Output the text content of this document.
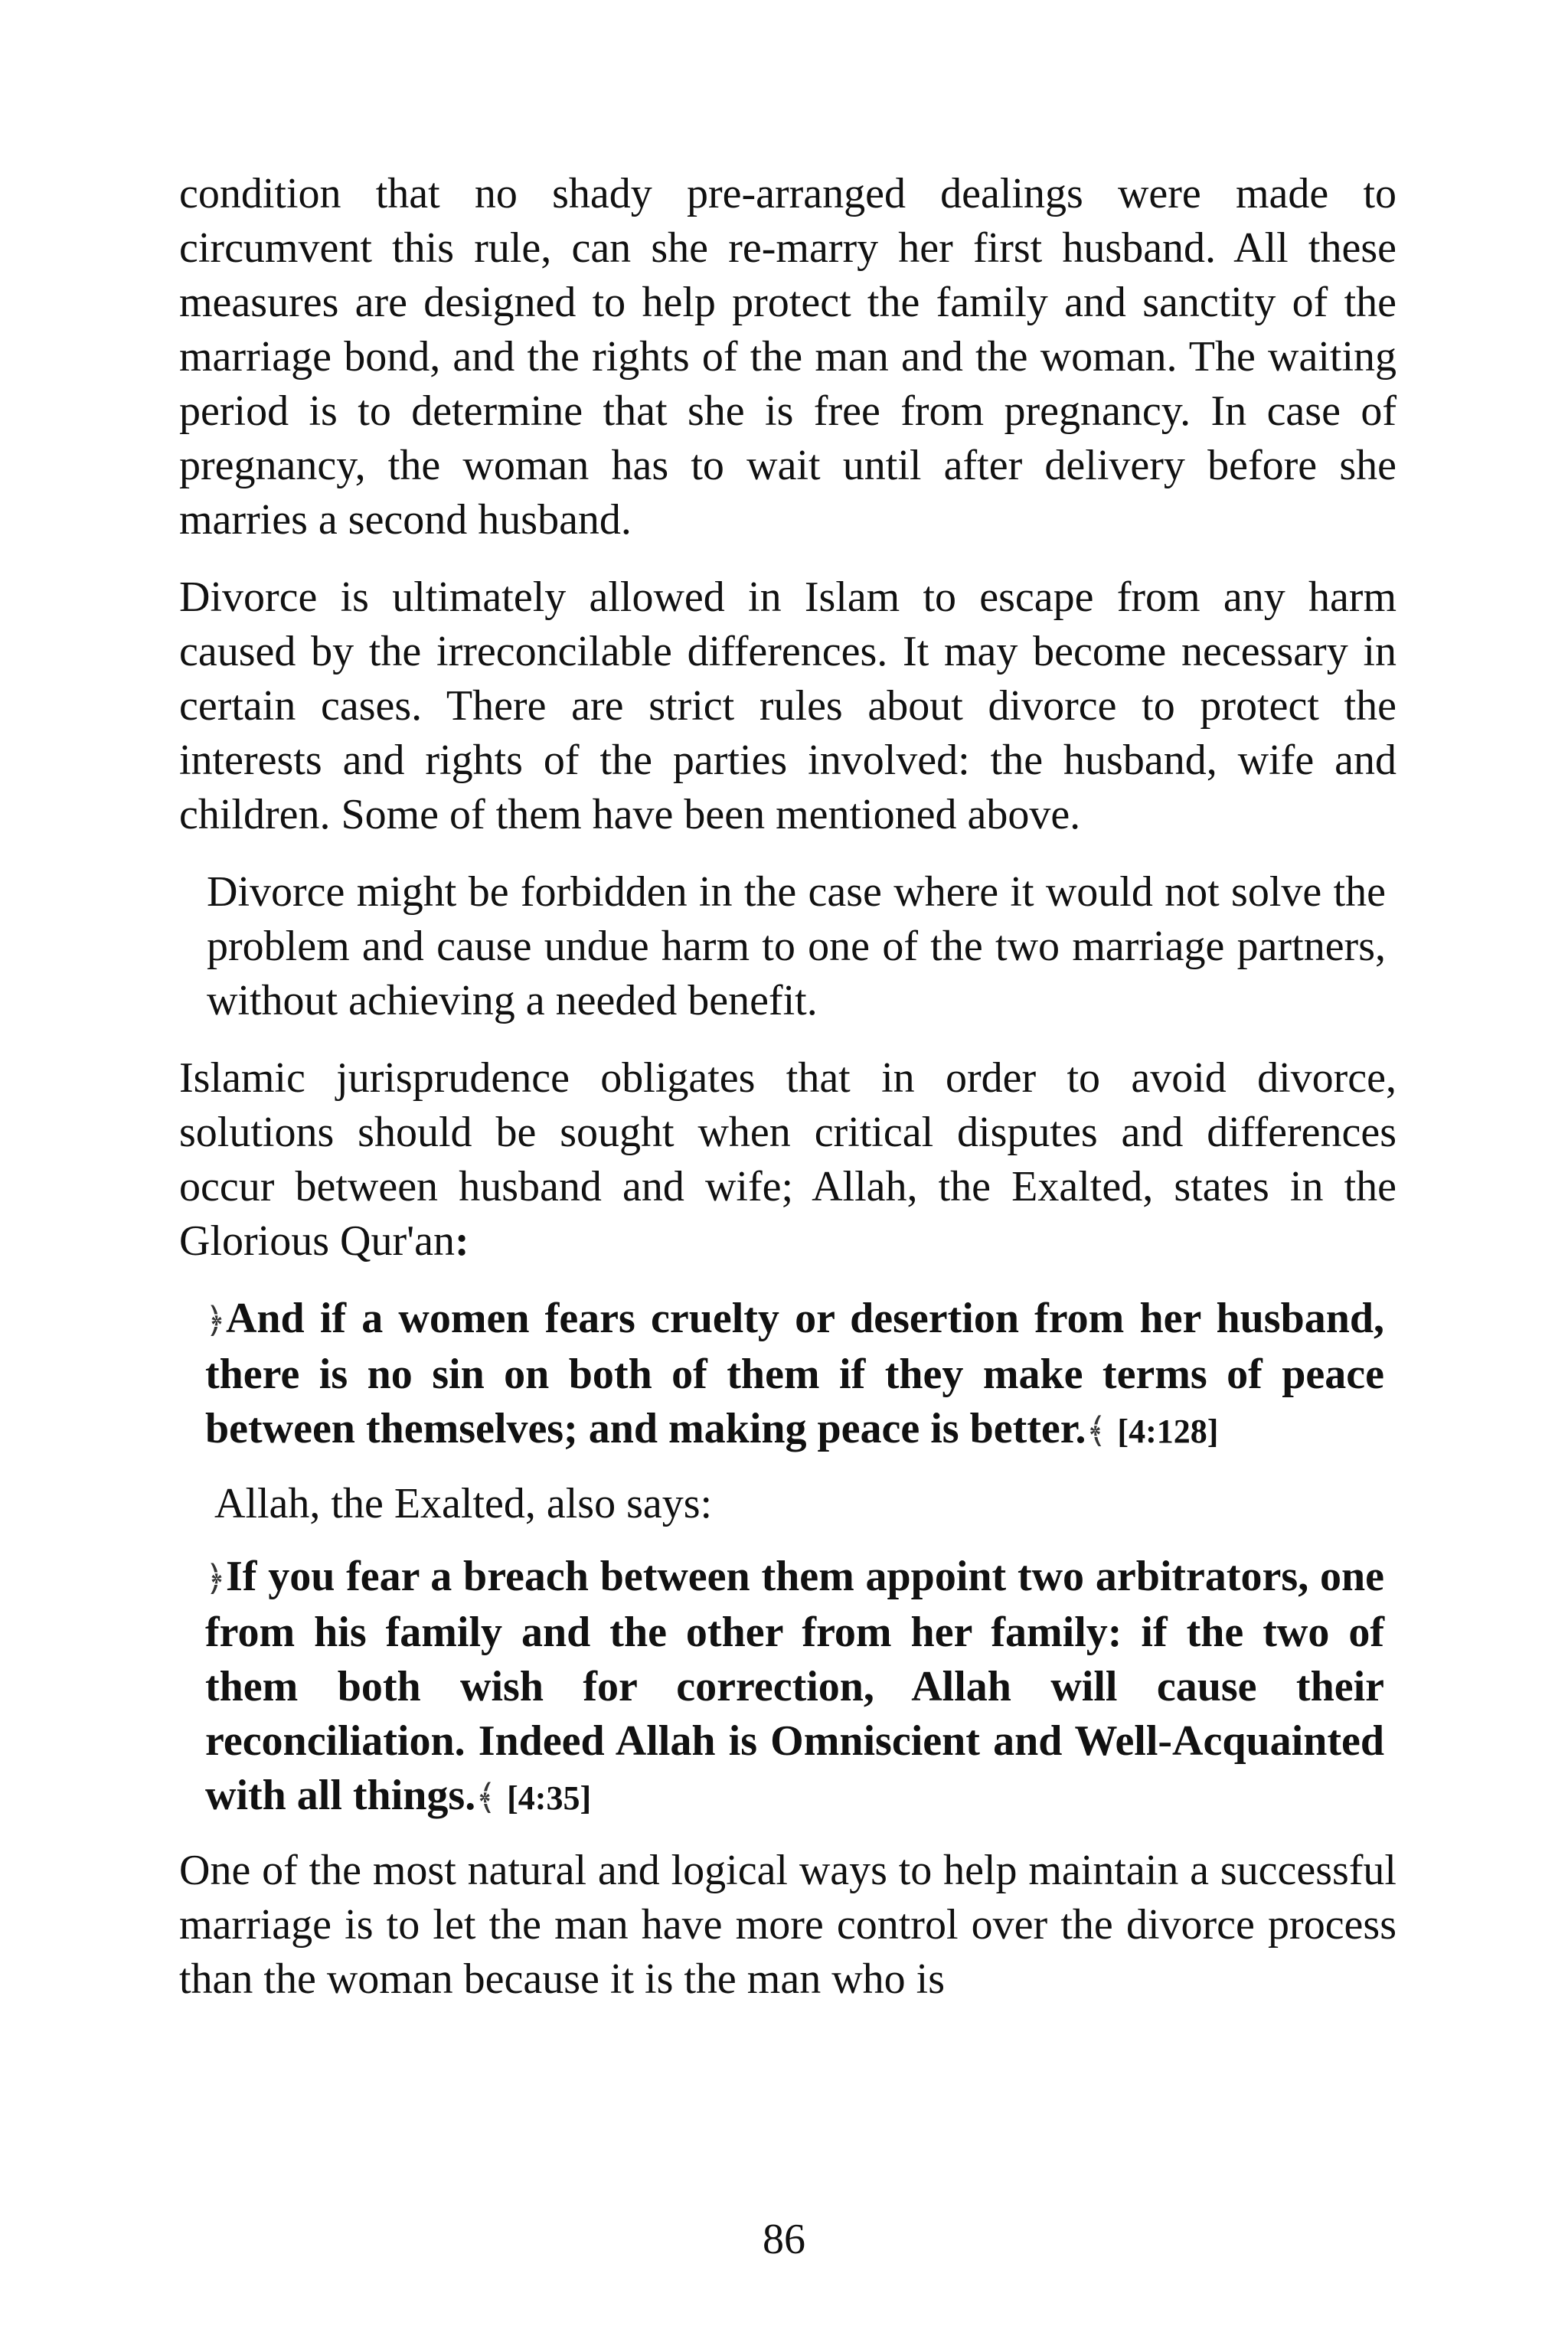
condition that no shady pre-arranged dealings were made to circumvent this rule, can she re-marry her first husband. All these measures are designed to help protect the family and sanctity of the marriage bond, and the rights of the man and the woman. The waiting period is to determine that she is free from pregnancy. In case of pregnancy, the woman has to wait until after delivery before she marries a second husband.

Divorce is ultimately allowed in Islam to escape from any harm caused by the irreconcilable differences. It may become necessary in certain cases. There are strict rules about divorce to protect the interests and rights of the parties involved: the husband, wife and children. Some of them have been mentioned above.

Divorce might be forbidden in the case where it would not solve the problem and cause undue harm to one of the two marriage partners, without achieving a needed benefit.

Islamic jurisprudence obligates that in order to avoid divorce, solutions should be sought when critical disputes and differences occur between husband and wife; Allah, the Exalted, states in the Glorious Qur'an:

﴿And if a women fears cruelty or desertion from her husband, there is no sin on both of them if they make terms of peace between themselves; and making peace is better.﴾ [4:128]

Allah, the Exalted, also says:

﴿If you fear a breach between them appoint two arbitrators, one from his family and the other from her family: if the two of them both wish for correction, Allah will cause their reconciliation. Indeed Allah is Omniscient and Well-Acquainted with all things.﴾ [4:35]

One of the most natural and logical ways to help maintain a successful marriage is to let the man have more control over the divorce process than the woman because it is the man who is

86
